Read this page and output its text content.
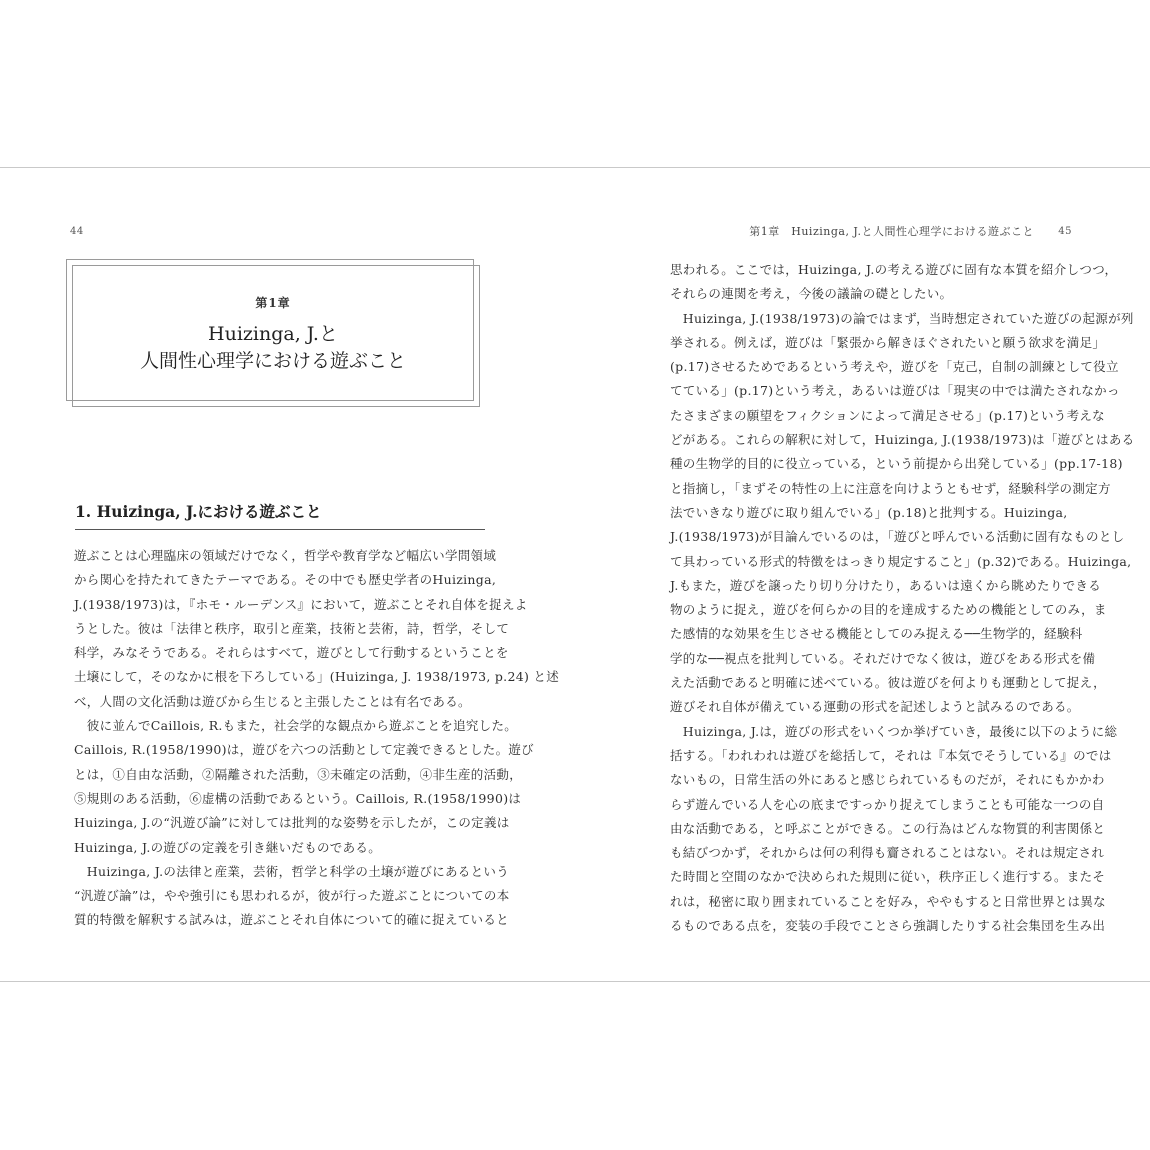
44
第1章
Huizinga, J.と
人間性心理学における遊ぶこと
1. Huizinga, J.における遊ぶこと
遊ぶことは心理臨床の領域だけでなく，哲学や教育学など幅広い学問領域
から関心を持たれてきたテーマである。その中でも歴史学者のHuizinga,
J.(1938/1973)は，『ホモ・ルーデンス』において，遊ぶことそれ自体を捉えよ
うとした。彼は「法律と秩序，取引と産業，技術と芸術，詩，哲学，そして
科学，みなそうである。それらはすべて，遊びとして行動するということを
土壌にして，そのなかに根を下ろしている」(Huizinga, J. 1938/1973, p.24) と述
べ，人間の文化活動は遊びから生じると主張したことは有名である。
　彼に並んでCaillois, R.もまた，社会学的な観点から遊ぶことを追究した。
Caillois, R.(1958/1990)は，遊びを六つの活動として定義できるとした。遊び
とは，①自由な活動，②隔離された活動，③未確定の活動，④非生産的活動，
⑤規則のある活動，⑥虚構の活動であるという。Caillois, R.(1958/1990)は
Huizinga, J.の“汎遊び論”に対しては批判的な姿勢を示したが，この定義は
Huizinga, J.の遊びの定義を引き継いだものである。
　Huizinga, J.の法律と産業，芸術，哲学と科学の土壌が遊びにあるという
“汎遊び論”は，やや強引にも思われるが，彼が行った遊ぶことについての本
質的特徴を解釈する試みは，遊ぶことそれ自体について的確に捉えていると
第1章　Huizinga, J.と人間性心理学における遊ぶこと 45
思われる。ここでは，Huizinga, J.の考える遊びに固有な本質を紹介しつつ，
それらの連関を考え，今後の議論の礎としたい。
　Huizinga, J.(1938/1973)の論ではまず，当時想定されていた遊びの起源が列
挙される。例えば，遊びは「緊張から解きほぐされたいと願う欲求を満足」
(p.17)させるためであるという考えや，遊びを「克己，自制の訓練として役立
てている」(p.17)という考え，あるいは遊びは「現実の中では満たされなかっ
たさまざまの願望をフィクションによって満足させる」(p.17)という考えな
どがある。これらの解釈に対して，Huizinga, J.(1938/1973)は「遊びとはある
種の生物学的目的に役立っている，という前提から出発している」(pp.17-18)
と指摘し，「まずその特性の上に注意を向けようともせず，経験科学の測定方
法でいきなり遊びに取り組んでいる」(p.18)と批判する。Huizinga,
J.(1938/1973)が目論んでいるのは，「遊びと呼んでいる活動に固有なものとし
て具わっている形式的特徴をはっきり規定すること」(p.32)である。Huizinga,
J.もまた，遊びを譲ったり切り分けたり，あるいは遠くから眺めたりできる
物のように捉え，遊びを何らかの目的を達成するための機能としてのみ，ま
た感情的な効果を生じさせる機能としてのみ捉える──生物学的，経験科
学的な──視点を批判している。それだけでなく彼は，遊びをある形式を備
えた活動であると明確に述べている。彼は遊びを何よりも運動として捉え，
遊びそれ自体が備えている運動の形式を記述しようと試みるのである。
　Huizinga, J.は，遊びの形式をいくつか挙げていき，最後に以下のように総
括する。「われわれは遊びを総括して，それは『本気でそうしている』のでは
ないもの，日常生活の外にあると感じられているものだが，それにもかかわ
らず遊んでいる人を心の底まですっかり捉えてしまうことも可能な一つの自
由な活動である，と呼ぶことができる。この行為はどんな物質的利害関係と
も結びつかず，それからは何の利得も齎されることはない。それは規定され
た時間と空間のなかで決められた規則に従い，秩序正しく進行する。またそ
れは，秘密に取り囲まれていることを好み，ややもすると日常世界とは異な
るものである点を，変装の手段でことさら強調したりする社会集団を生み出
